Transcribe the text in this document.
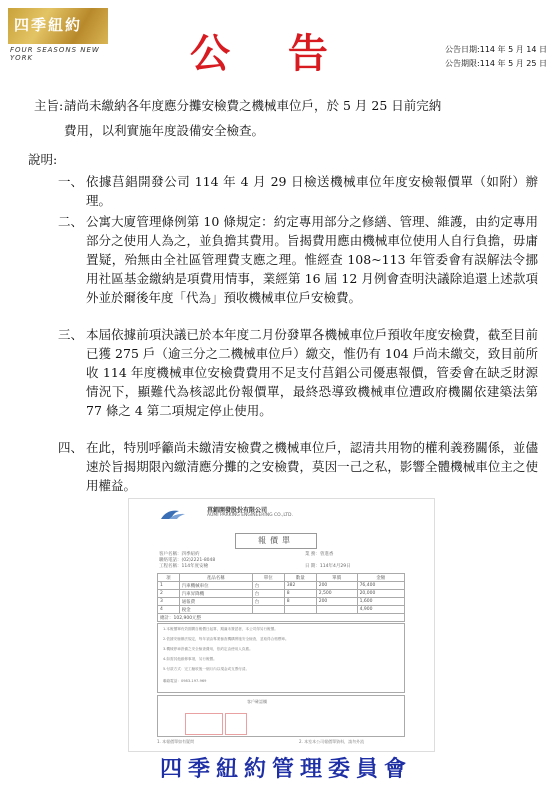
四季紐約
FOUR SEASONS NEW YORK	公 告	公告日期:114 年 5 月 14 日
公告期限:114 年 5 月 25 日
主旨: 請尚未繳納各年度應分攤安檢費之機械車位戶，於 5 月 25 日前完納
費用，以利實施年度設備安全檢查。
說明:
一、 依據莒錩開發公司 114 年 4 月 29 日檢送機械車位年度安檢報價單（如附）辦理。
二、 公寓大廈管理條例第 10 條規定：約定專用部分之修繕、管理、維護，由約定專用部分之使用人為之，並負擔其費用。旨揭費用應由機械車位使用人自行負擔，毋庸置疑，殆無由全社區管理費支應之理。惟經查 108~113 年管委會有誤解法令挪用社區基金繳納是項費用情事，業經第 16 屆 12 月例會查明決議除追還上述款項外並於爾後年度「代為」預收機械車位戶安檢費。
三、 本屆依據前項決議已於本年度二月份發單各機械車位戶預收年度安檢費，截至目前已獲 275 戶（逾三分之二機械車位戶）繳交，惟仍有 104 戶尚未繳交，致目前所收 114 年度機械車位安檢費費用不足支付莒錩公司優惠報價，管委會在缺乏財源情況下，顯難代為核認此份報價單，最終恐導致機械車位遭政府機關依建築法第 77 條之 4 第二項規定停止使用。
四、 在此，特別呼籲尚未繳清安檢費之機械車位戶，認清共用物的權利義務關係，並儘速於旨揭期限內繳清應分攤的之安檢費，莫因一己之私，影響全體機械車位主之使用權益。
莒錩開發股份有限公司
AUMI PARKING ENGINEERING CO.,LTD.
報價單
客戶名稱：四季紐約
聯絡電話：(02)2221-8048
工程名稱：114年度安檢
業 務：曾進香
日 期：114年4月29日
項	產品名稱	單位	數量	單價	金額
1	汽車機械車位	台	382	200	76,400
2	汽車昇降機	台	8	2,500	20,000
3	通報費	台	8	200	1,600
4	稅金				4,900
總計：102,900元整					
1.本報價單有效期間自報價日起算，期滿未簽認者，本公司得另行報價。
2.依據安檢辦法規定，每年須由專業檢查機構實施安全檢查，並取得合格標章。
3.機械停車設備之安全檢查費用，依約定由使用人負擔。
4.如需其他維修事項，另行報價。
5.付款方式：完工驗收後一個月內以現金或支票付清。
聯絡電話：0983-197-969
客戶確認欄
1. 本報價單如有疑問	2. 本室本公司報價單資料，請勿外流
四季紐約管理委員會
